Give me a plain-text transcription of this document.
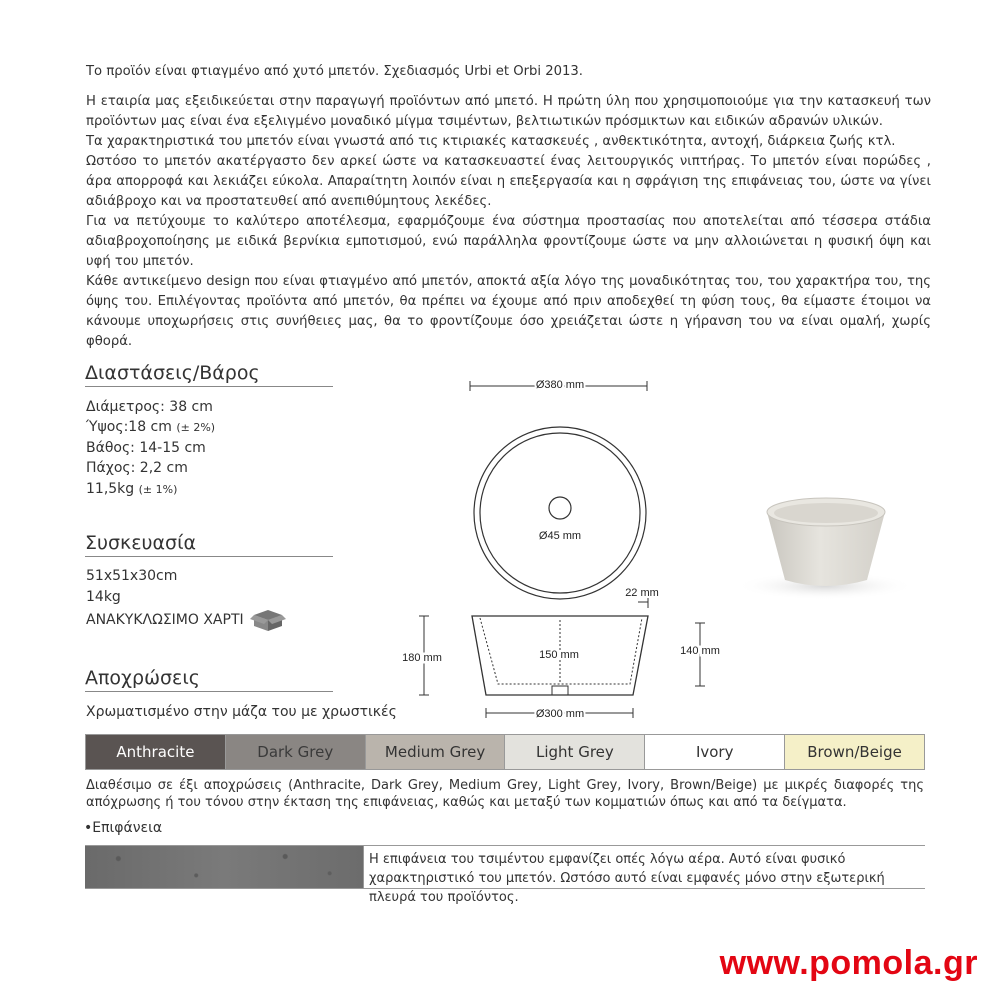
Το προϊόν είναι φτιαγμένο από χυτό μπετόν. Σχεδιασμός Urbi et Orbi 2013.

Η εταιρία μας εξειδικεύεται στην παραγωγή προϊόντων από μπετό. Η πρώτη ύλη που χρησιμοποιούμε για την κατασκευή των προϊόντων μας είναι ένα εξελιγμένο μοναδικό μίγμα τσιμέντων, βελτιωτικών πρόσμικτων και ειδικών αδρανών υλικών.

Τα χαρακτηριστικά του μπετόν είναι γνωστά από τις κτιριακές κατασκευές , ανθεκτικότητα, αντοχή, διάρκεια ζωής κτλ.

Ωστόσο το μπετόν ακατέργαστο δεν αρκεί ώστε να κατασκευαστεί ένας λειτουργικός νιπτήρας. Το μπετόν είναι πορώδες , άρα απορροφά και λεκιάζει εύκολα. Απαραίτητη λοιπόν είναι η επεξεργασία και η σφράγιση της επιφάνειας του, ώστε να γίνει αδιάβροχο και να προστατευθεί από ανεπιθύμητους λεκέδες.

Για να πετύχουμε το καλύτερο αποτέλεσμα, εφαρμόζουμε ένα σύστημα προστασίας που αποτελείται από τέσσερα στάδια αδιαβροχοποίησης με ειδικά βερνίκια εμποτισμού, ενώ παράλληλα φροντίζουμε ώστε να μην αλλοιώνεται η φυσική όψη και υφή του μπετόν.

Κάθε αντικείμενο design που είναι φτιαγμένο από μπετόν, αποκτά αξία λόγο της μοναδικότητας του, του χαρακτήρα του, της όψης του. Επιλέγοντας προϊόντα από μπετόν, θα πρέπει να έχουμε από πριν αποδεχθεί τη φύση τους, θα είμαστε έτοιμοι να κάνουμε υποχωρήσεις στις συνήθειες μας, θα το φροντίζουμε όσο χρειάζεται ώστε η γήρανση του να είναι ομαλή, χωρίς φθορά.

Διαστάσεις/Βάρος
Διάμετρος: 38 cm
Ύψος:18 cm (± 2%)
Βάθος: 14-15 cm
Πάχος: 2,2 cm
11,5kg (± 1%)
Συσκευασία
51x51x30cm
14kg
ΑΝΑΚΥΚΛΩΣΙΜΟ ΧΑΡΤΙ
Αποχρώσεις
Χρωματισμένο στην μάζα του με χρωστικές
Ø380 mm
Ø45 mm
22 mm
180 mm	150 mm	140 mm
Ø300 mm
Anthracite	Dark Grey	Medium Grey	Light Grey	Ivory	Brown/Beige
Διαθέσιμο σε έξι αποχρώσεις (Anthracite, Dark Grey, Medium Grey, Light Grey, Ivory, Brown/Beige) με μικρές διαφορές της απόχρωσης ή του τόνου στην έκταση της επιφάνειας, καθώς και μεταξύ των κομματιών όπως και από τα δείγματα.
•Επιφάνεια
Η επιφάνεια του τσιμέντου εμφανίζει οπές λόγω αέρα. Αυτό είναι φυσικό χαρακτηριστικό του μπετόν. Ωστόσο αυτό είναι εμφανές μόνο στην εξωτερική πλευρά του προϊόντος.
www.pomola.gr
